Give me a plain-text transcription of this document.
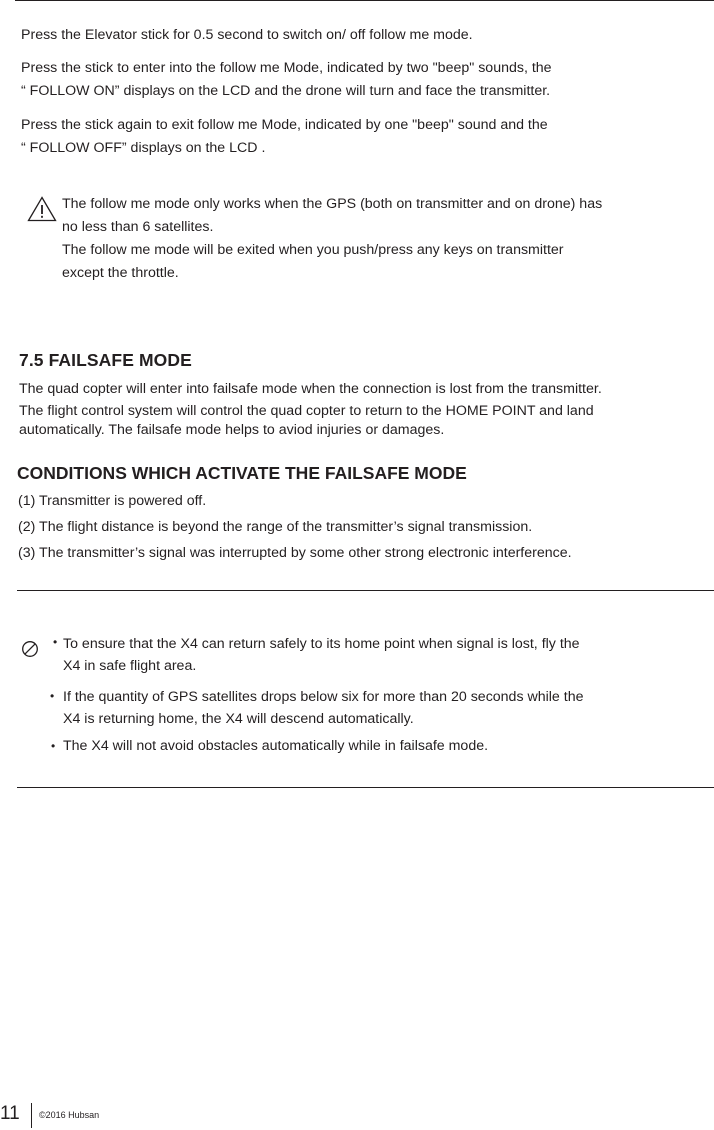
Press the Elevator stick for 0.5 second to switch on/ off follow me mode.

Press the stick to enter into the follow me Mode, indicated by two "beep" sounds, the

“ FOLLOW ON” displays on the LCD and the drone will turn and face the transmitter.

Press the stick again to exit follow me Mode, indicated by one "beep" sound and the

“ FOLLOW OFF” displays on the LCD .

The follow me mode only works when the GPS (both on transmitter and on drone) has

no less than 6 satellites.

The follow me mode will be exited when you push/press any keys on transmitter

except the throttle.

7.5 FAILSAFE MODE

The quad copter will enter into failsafe mode when the connection is lost from the transmitter.

The flight control system will control the quad copter to return to the HOME POINT and land

automatically. The failsafe mode helps to aviod injuries or damages.

CONDITIONS WHICH ACTIVATE THE FAILSAFE MODE

(1) Transmitter is powered off.

(2) The flight distance is beyond the range of the transmitter’s signal transmission.

(3) The transmitter’s signal was interrupted by some other strong electronic interference.

• To ensure that the X4 can return safely to its home point when signal is lost, fly the

X4 in safe flight area.

• If the quantity of GPS satellites drops below six for more than 20 seconds while the

X4 is returning home, the X4 will descend automatically.

• The X4 will not avoid obstacles automatically while in failsafe mode.

11 ©2016 Hubsan
